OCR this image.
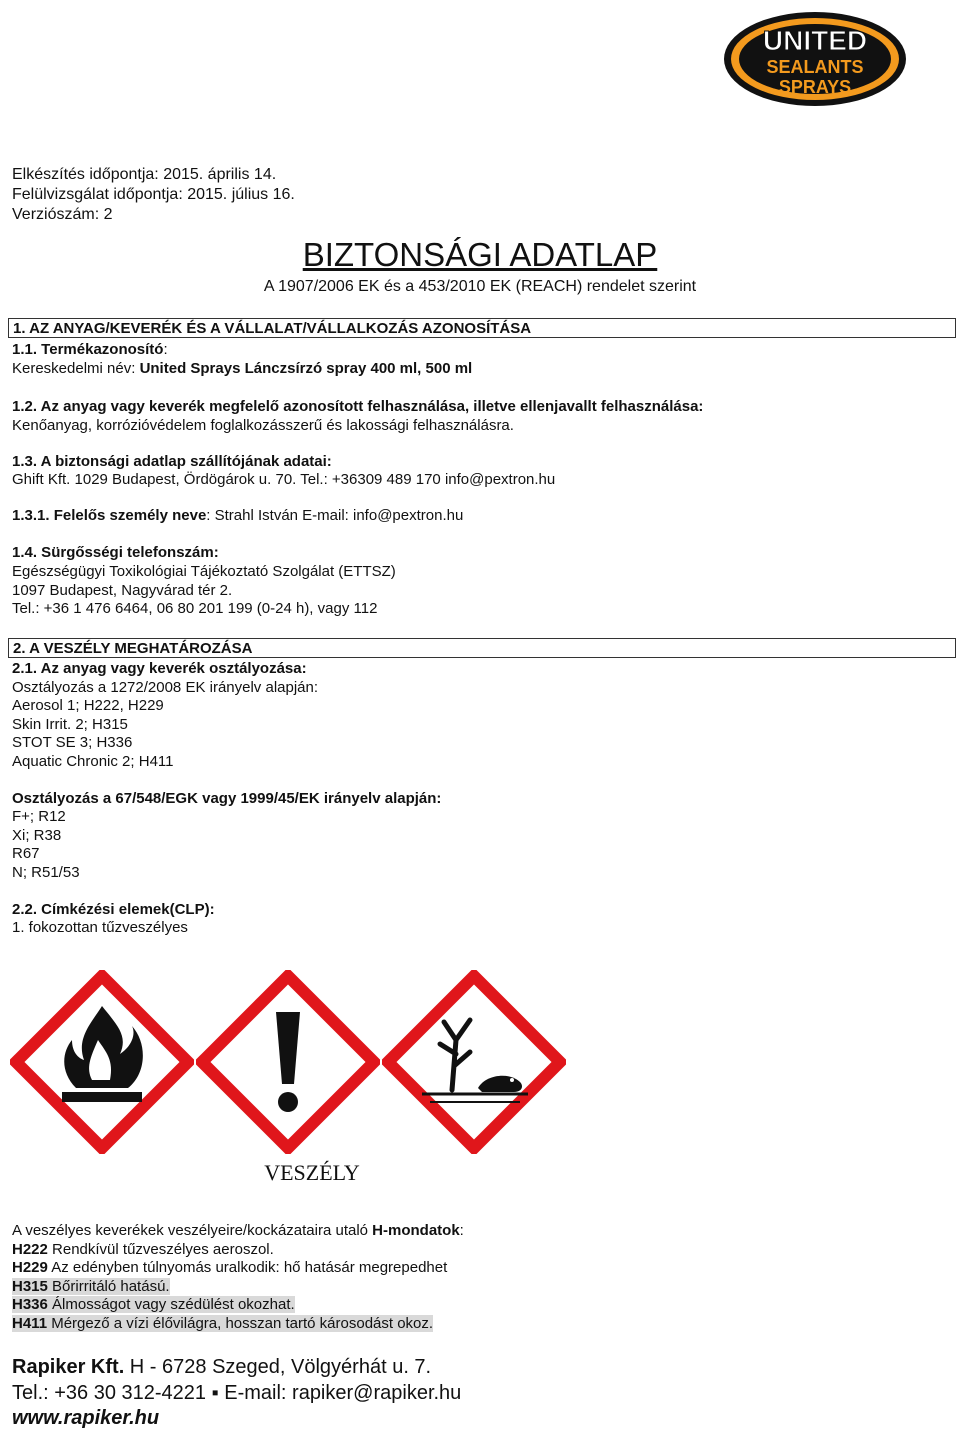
UNITED
SEALANTS
SPRAYS
Elkészítés időpontja: 2015. április 14.
Felülvizsgálat időpontja: 2015. július 16.
Verziószám: 2
BIZTONSÁGI ADATLAP
A 1907/2006 EK és a 453/2010 EK (REACH) rendelet szerint
1. AZ ANYAG/KEVERÉK ÉS A VÁLLALAT/VÁLLALKOZÁS AZONOSÍTÁSA
1.1. Termékazonosító:
Kereskedelmi név: United Sprays Lánczsírzó spray 400 ml, 500 ml
1.2. Az anyag vagy keverék megfelelő azonosított felhasználása, illetve ellenjavallt felhasználása:
Kenőanyag, korrózióvédelem foglalkozásszerű és lakossági felhasználásra.
1.3. A biztonsági adatlap szállítójának adatai:
Ghift Kft. 1029 Budapest, Ördögárok u. 70. Tel.: +36309 489 170 info@pextron.hu
1.3.1. Felelős személy neve: Strahl István E-mail: info@pextron.hu
1.4. Sürgősségi telefonszám:
Egészségügyi Toxikológiai Tájékoztató Szolgálat (ETTSZ)
1097 Budapest, Nagyvárad tér 2.
Tel.: +36 1 476 6464, 06 80 201 199 (0-24 h), vagy 112
2. A VESZÉLY MEGHATÁROZÁSA
2.1. Az anyag vagy keverék osztályozása:
Osztályozás a 1272/2008 EK irányelv alapján:
Aerosol 1; H222, H229
Skin Irrit. 2; H315
STOT SE 3; H336
Aquatic Chronic 2; H411
Osztályozás a 67/548/EGK vagy 1999/45/EK irányelv alapján:
F+; R12
Xi; R38
R67
N; R51/53
2.2. Címkézési elemek(CLP):
1. fokozottan tűzveszélyes
VESZÉLY
A veszélyes keverékek veszélyeire/kockázataira utaló H-mondatok:
H222 Rendkívül tűzveszélyes aeroszol.
H229 Az edényben túlnyomás uralkodik: hő hatásár megrepedhet
H315 Bőrirritáló hatású.
H336 Álmosságot vagy szédülést okozhat.
H411 Mérgező a vízi élővilágra, hosszan tartó károsodást okoz.
Rapiker Kft. H - 6728 Szeged, Völgyérhát u. 7.
Tel.: +36 30 312-4221 ▪ E-mail: rapiker@rapiker.hu
www.rapiker.hu
